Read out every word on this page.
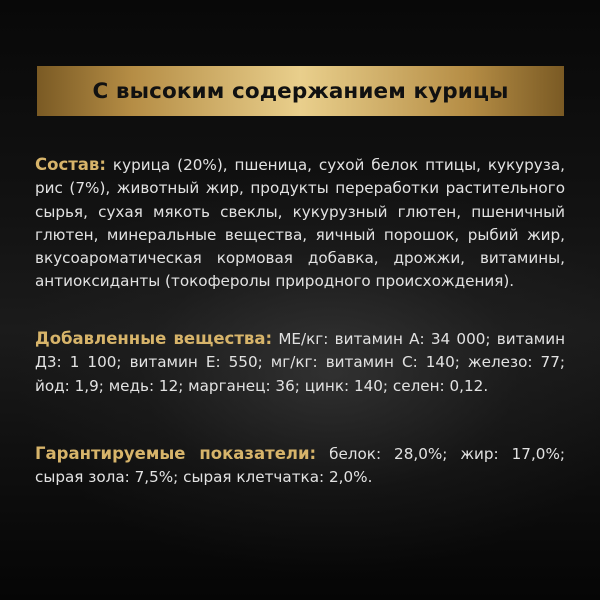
С высоким содержанием курицы
Состав: курица (20%), пшеница, сухой белок птицы, кукуруза, рис (7%), животный жир, продукты переработки растительного сырья, сухая мякоть свеклы, кукурузный глютен, пшеничный глютен, минеральные вещества, яичный порошок, рыбий жир, вкусоароматическая кормовая добавка, дрожжи, витамины, антиоксиданты (токоферолы природного происхождения).
Добавленные вещества: МЕ/кг: витамин А: 34 000; витамин Д3: 1 100; витамин Е: 550; мг/кг: витамин С: 140; железо: 77; йод: 1,9; медь: 12; марганец: 36; цинк: 140; селен: 0,12.
Гарантируемые показатели: белок: 28,0%; жир: 17,0%; сырая зола: 7,5%; сырая клетчатка: 2,0%.
